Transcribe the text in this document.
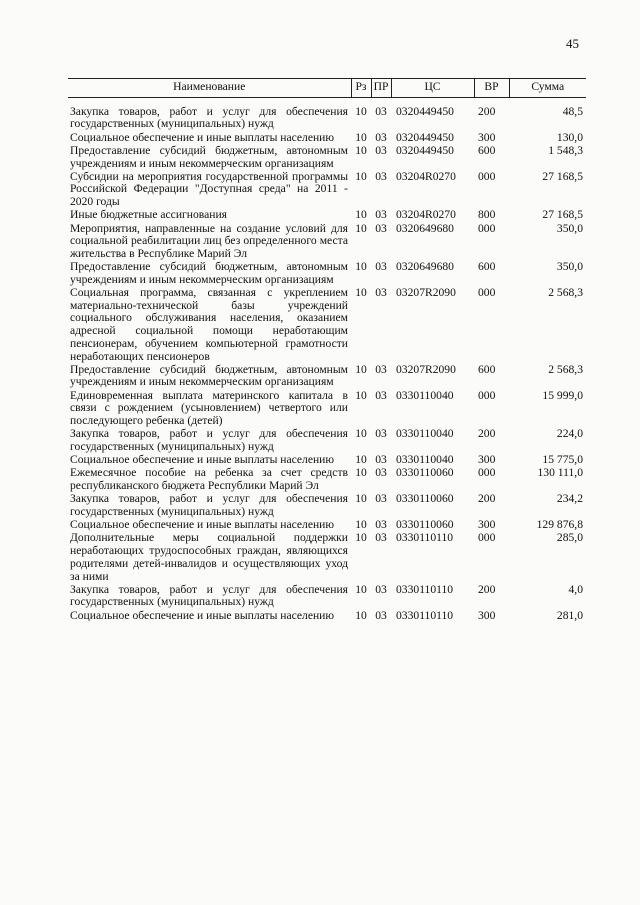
45
Наименование	Рз	ПР	ЦС	ВР	Сумма
Закупка товаров, работ и услуг для обеспечения государственных (муниципальных) нужд	10	03	0320449450	200	48,5
Социальное обеспечение и иные выплаты населению	10	03	0320449450	300	130,0
Предоставление субсидий бюджетным, автономным учреждениям и иным некоммерческим организациям	10	03	0320449450	600	1 548,3
Субсидии на мероприятия государственной программы Российской Федерации "Доступная среда" на 2011 - 2020 годы	10	03	03204R0270	000	27 168,5
Иные бюджетные ассигнования	10	03	03204R0270	800	27 168,5
Мероприятия, направленные на создание условий для социальной реабилитации лиц без определенного места жительства в Республике Марий Эл	10	03	0320649680	000	350,0
Предоставление субсидий бюджетным, автономным учреждениям и иным некоммерческим организациям	10	03	0320649680	600	350,0
Социальная программа, связанная с укреплением материально-технической базы учреждений социального обслуживания населения, оказанием адресной социальной помощи неработающим пенсионерам, обучением компьютерной грамотности неработающих пенсионеров	10	03	03207R2090	000	2 568,3
Предоставление субсидий бюджетным, автономным учреждениям и иным некоммерческим организациям	10	03	03207R2090	600	2 568,3
Единовременная выплата материнского капитала в связи с рождением (усыновлением) четвертого или последующего ребенка (детей)	10	03	0330110040	000	15 999,0
Закупка товаров, работ и услуг для обеспечения государственных (муниципальных) нужд	10	03	0330110040	200	224,0
Социальное обеспечение и иные выплаты населению	10	03	0330110040	300	15 775,0
Ежемесячное пособие на ребенка за счет средств республиканского бюджета Республики Марий Эл	10	03	0330110060	000	130 111,0
Закупка товаров, работ и услуг для обеспечения государственных (муниципальных) нужд	10	03	0330110060	200	234,2
Социальное обеспечение и иные выплаты населению	10	03	0330110060	300	129 876,8
Дополнительные меры социальной поддержки неработающих трудоспособных граждан, являющихся родителями детей-инвалидов и осуществляющих уход за ними	10	03	0330110110	000	285,0
Закупка товаров, работ и услуг для обеспечения государственных (муниципальных) нужд	10	03	0330110110	200	4,0
Социальное обеспечение и иные выплаты населению	10	03	0330110110	300	281,0
